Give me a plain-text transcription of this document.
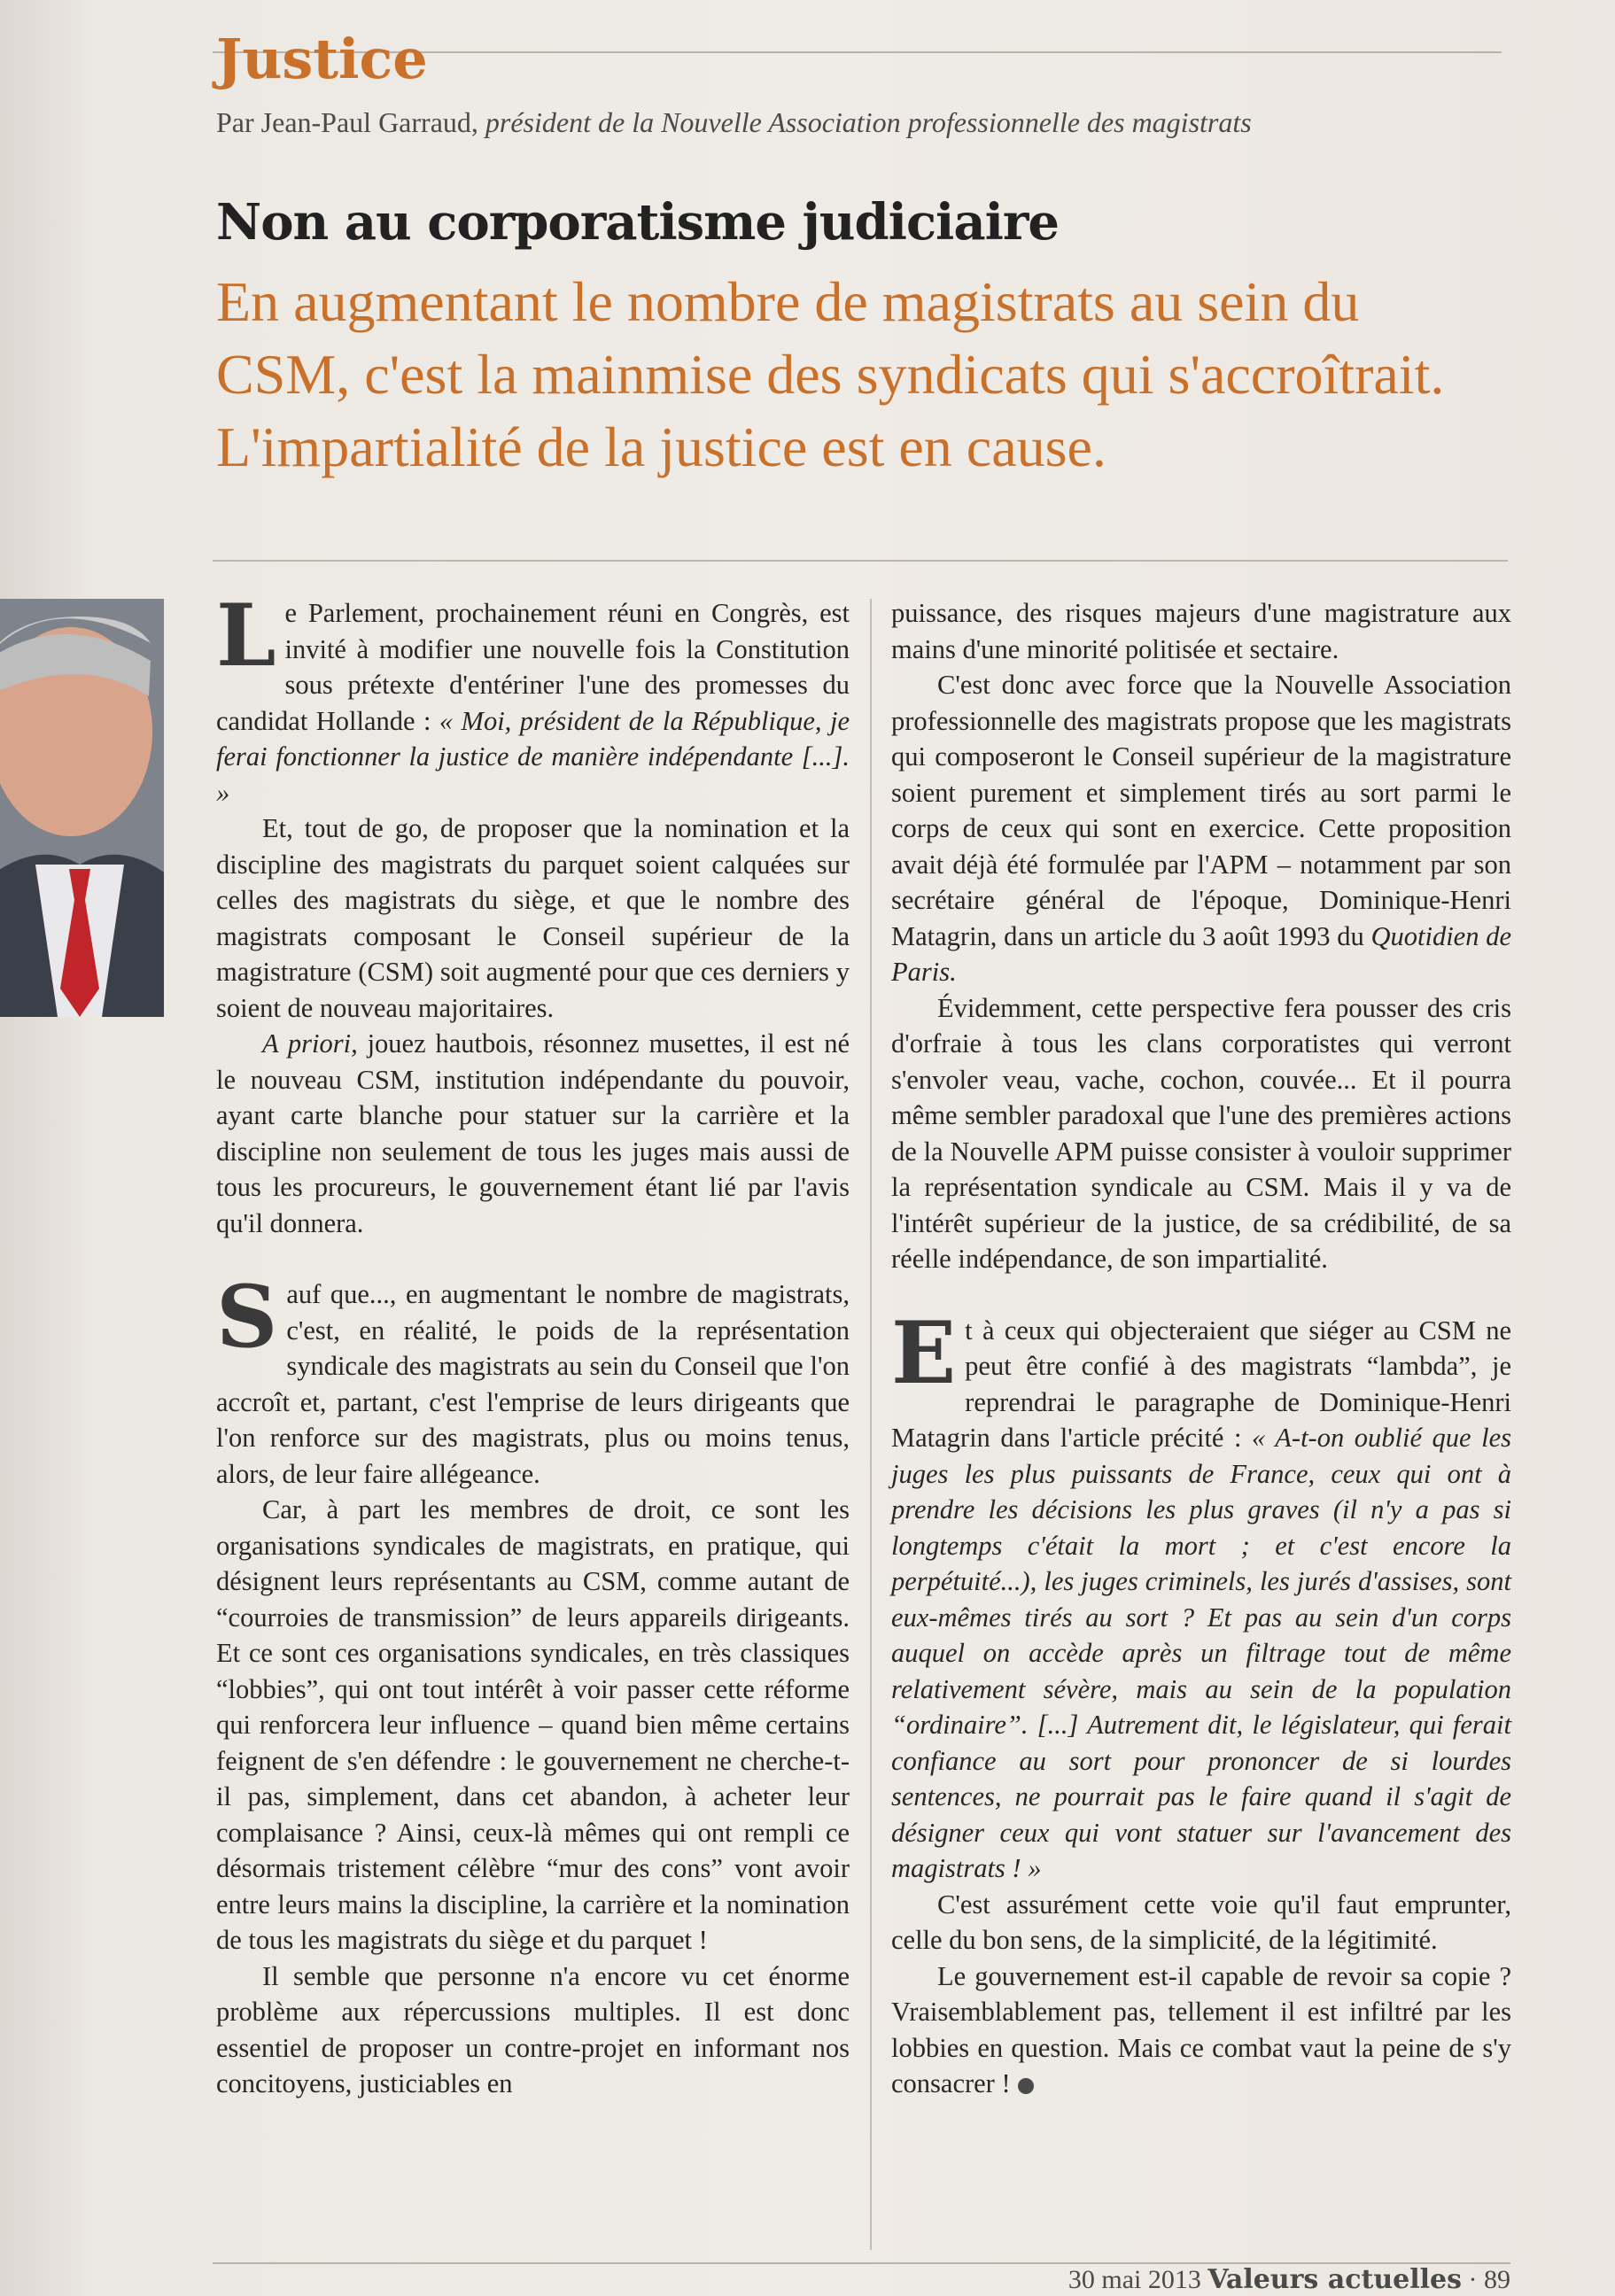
Justice
Par Jean-Paul Garraud, président de la Nouvelle Association professionnelle des magistrats
Non au corporatisme judiciaire
En augmentant le nombre de magistrats au sein du CSM, c'est la mainmise des syndicats qui s'accroîtrait. L'impartialité de la justice est en cause.

Le Parlement, prochainement réuni en Congrès, est invité à modifier une nouvelle fois la Constitution sous prétexte d'entériner l'une des promesses du candidat Hollande : « Moi, président de la République, je ferai fonctionner la justice de manière indépendante [...]. »

Et, tout de go, de proposer que la nomination et la discipline des magistrats du parquet soient calquées sur celles des magistrats du siège, et que le nombre des magistrats composant le Conseil supérieur de la magistrature (CSM) soit augmenté pour que ces derniers y soient de nouveau majoritaires.

A priori, jouez hautbois, résonnez musettes, il est né le nouveau CSM, institution indépendante du pouvoir, ayant carte blanche pour statuer sur la carrière et la discipline non seulement de tous les juges mais aussi de tous les procureurs, le gouvernement étant lié par l'avis qu'il donnera.

Sauf que..., en augmentant le nombre de magistrats, c'est, en réalité, le poids de la représentation syndicale des magistrats au sein du Conseil que l'on accroît et, partant, c'est l'emprise de leurs dirigeants que l'on renforce sur des magistrats, plus ou moins tenus, alors, de leur faire allégeance.

Car, à part les membres de droit, ce sont les organisations syndicales de magistrats, en pratique, qui désignent leurs représentants au CSM, comme autant de “courroies de transmission” de leurs appareils dirigeants. Et ce sont ces organisations syndicales, en très classiques “lobbies”, qui ont tout intérêt à voir passer cette réforme qui renforcera leur influence – quand bien même certains feignent de s'en défendre : le gouvernement ne cherche-t-il pas, simplement, dans cet abandon, à acheter leur complaisance ? Ainsi, ceux-là mêmes qui ont rempli ce désormais tristement célèbre “mur des cons” vont avoir entre leurs mains la discipline, la carrière et la nomination de tous les magistrats du siège et du parquet !

Il semble que personne n'a encore vu cet énorme problème aux répercussions multiples. Il est donc essentiel de proposer un contre-projet en informant nos concitoyens, justiciables en

puissance, des risques majeurs d'une magistrature aux mains d'une minorité politisée et sectaire.

C'est donc avec force que la Nouvelle Association professionnelle des magistrats propose que les magistrats qui composeront le Conseil supérieur de la magistrature soient purement et simplement tirés au sort parmi le corps de ceux qui sont en exercice. Cette proposition avait déjà été formulée par l'APM – notamment par son secrétaire général de l'époque, Dominique-Henri Matagrin, dans un article du 3 août 1993 du Quotidien de Paris.

Évidemment, cette perspective fera pousser des cris d'orfraie à tous les clans corporatistes qui verront s'envoler veau, vache, cochon, couvée... Et il pourra même sembler paradoxal que l'une des premières actions de la Nouvelle APM puisse consister à vouloir supprimer la représentation syndicale au CSM. Mais il y va de l'intérêt supérieur de la justice, de sa crédibilité, de sa réelle indépendance, de son impartialité.

Et à ceux qui objecteraient que siéger au CSM ne peut être confié à des magistrats “lambda”, je reprendrai le paragraphe de Dominique-Henri Matagrin dans l'article précité : « A-t-on oublié que les juges les plus puissants de France, ceux qui ont à prendre les décisions les plus graves (il n'y a pas si longtemps c'était la mort ; et c'est encore la perpétuité...), les juges criminels, les jurés d'assises, sont eux-mêmes tirés au sort ? Et pas au sein d'un corps auquel on accède après un filtrage tout de même relativement sévère, mais au sein de la population “ordinaire”. [...] Autrement dit, le législateur, qui ferait confiance au sort pour prononcer de si lourdes sentences, ne pourrait pas le faire quand il s'agit de désigner ceux qui vont statuer sur l'avancement des magistrats ! »

C'est assurément cette voie qu'il faut emprunter, celle du bon sens, de la simplicité, de la légitimité.

Le gouvernement est-il capable de revoir sa copie ? Vraisemblablement pas, tellement il est infiltré par les lobbies en question. Mais ce combat vaut la peine de s'y consacrer !

30 mai 2013 Valeurs actuelles · 89
